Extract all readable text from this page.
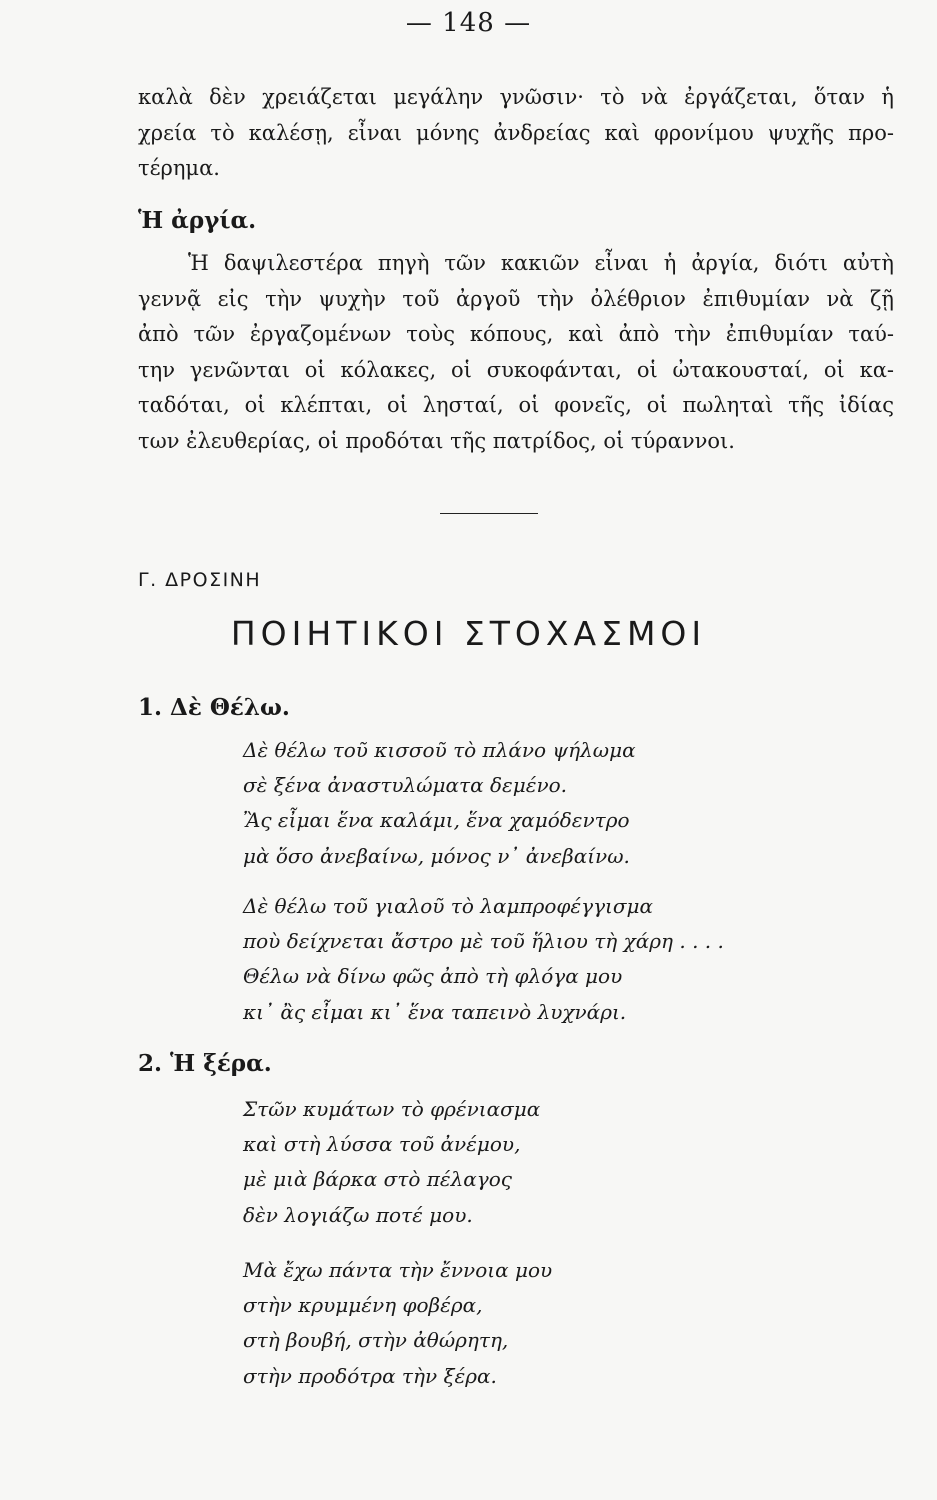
— 148 —

καλὰ δὲν χρειάζεται μεγάλην γνῶσιν· τὸ νὰ ἐργάζεται, ὅταν ἡ
χρεία τὸ καλέσῃ, εἶναι μόνης ἀνδρείας καὶ φρονίμου ψυχῆς προ-
τέρημα.

Ἡ ἀργία.

Ἡ δαψιλεστέρα πηγὴ τῶν κακιῶν εἶναι ἡ ἀργία, διότι αὐτὴ
γεννᾷ εἰς τὴν ψυχὴν τοῦ ἀργοῦ τὴν ὀλέθριον ἐπιθυμίαν νὰ ζῇ
ἀπὸ τῶν ἐργαζομένων τοὺς κόπους, καὶ ἀπὸ τὴν ἐπιθυμίαν ταύ-
την γενῶνται οἱ κόλακες, οἱ συκοφάνται, οἱ ὠτακουσταί, οἱ κα-
ταδόται, οἱ κλέπται, οἱ λησταί, οἱ φονεῖς, οἱ πωληταὶ τῆς ἰδίας
των ἐλευθερίας, οἱ προδόται τῆς πατρίδος, οἱ τύραννοι.

Γ. ΔΡΟΣΙΝΗ
ΠΟΙΗΤΙΚΟΙ ΣΤΟΧΑΣΜΟΙ
1. Δὲ Θέλω.

Δὲ θέλω τοῦ κισσοῦ τὸ πλάνο ψήλωμα
σὲ ξένα ἀναστυλώματα δεμένο.
Ἂς εἶμαι ἕνα καλάμι, ἕνα χαμόδεντρο
μὰ ὅσο ἀνεβαίνω, μόνος ν᾽ ἀνεβαίνω.

Δὲ θέλω τοῦ γιαλοῦ τὸ λαμπροφέγγισμα
ποὺ δείχνεται ἄστρο μὲ τοῦ ἥλιου τὴ χάρη . . . .
Θέλω νὰ δίνω φῶς ἀπὸ τὴ φλόγα μου
κι᾽ ἂς εἶμαι κι᾽ ἕνα ταπεινὸ λυχνάρι.

2. Ἡ ξέρα.

Στῶν κυμάτων τὸ φρένιασμα
καὶ στὴ λύσσα τοῦ ἀνέμου,
μὲ μιὰ βάρκα στὸ πέλαγος
δὲν λογιάζω ποτέ μου.

Μὰ ἔχω πάντα τὴν ἔννοια μου
στὴν κρυμμένη φοβέρα,
στὴ βουβή, στὴν ἀθώρητη,
στὴν προδότρα τὴν ξέρα.
